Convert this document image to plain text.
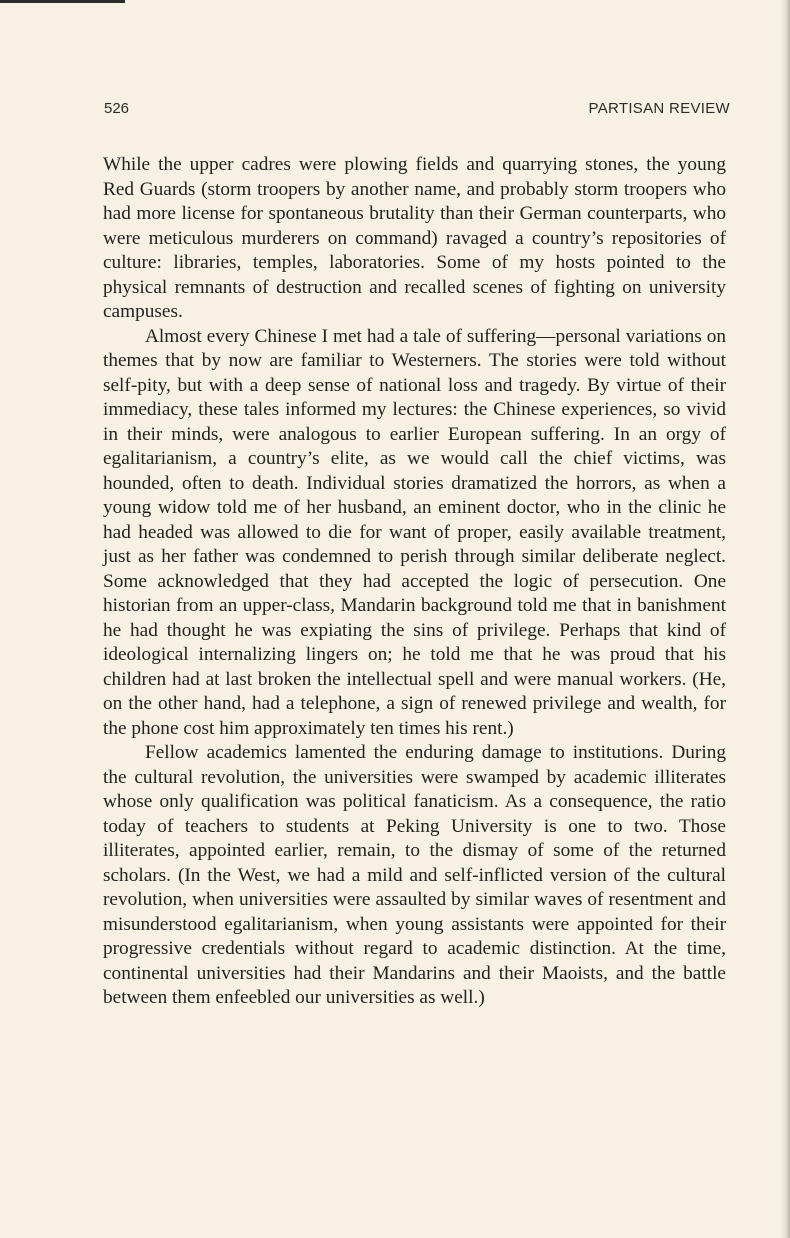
526	PARTISAN REVIEW

While the upper cadres were plowing fields and quarrying stones, the young Red Guards (storm troopers by another name, and probably storm troopers who had more license for spontaneous brutality than their German counterparts, who were meticulous murderers on command) ravaged a country’s repositories of culture: libraries, temples, laboratories. Some of my hosts pointed to the physical remnants of destruction and recalled scenes of fighting on university campuses.

Almost every Chinese I met had a tale of suffering—personal variations on themes that by now are familiar to Westerners. The stories were told without self-pity, but with a deep sense of national loss and tragedy. By virtue of their immediacy, these tales informed my lectures: the Chinese experiences, so vivid in their minds, were analogous to earlier European suffering. In an orgy of egalitarianism, a country’s elite, as we would call the chief victims, was hounded, often to death. Individual stories dramatized the horrors, as when a young widow told me of her husband, an eminent doctor, who in the clinic he had headed was allowed to die for want of proper, easily available treatment, just as her father was condemned to perish through similar deliberate neglect. Some acknowledged that they had accepted the logic of persecution. One historian from an upper-class, Mandarin background told me that in banishment he had thought he was expiating the sins of privilege. Perhaps that kind of ideological internalizing lingers on; he told me that he was proud that his children had at last broken the intellectual spell and were manual workers. (He, on the other hand, had a telephone, a sign of renewed privilege and wealth, for the phone cost him approximately ten times his rent.)

Fellow academics lamented the enduring damage to institutions. During the cultural revolution, the universities were swamped by academic illiterates whose only qualification was political fanaticism. As a consequence, the ratio today of teachers to students at Peking University is one to two. Those illiterates, appointed earlier, remain, to the dismay of some of the returned scholars. (In the West, we had a mild and self-inflicted version of the cultural revolution, when universities were assaulted by similar waves of resentment and misunderstood egalitarianism, when young assistants were appointed for their progressive credentials without regard to academic distinction. At the time, continental universities had their Mandarins and their Maoists, and the battle between them enfeebled our universities as well.)
